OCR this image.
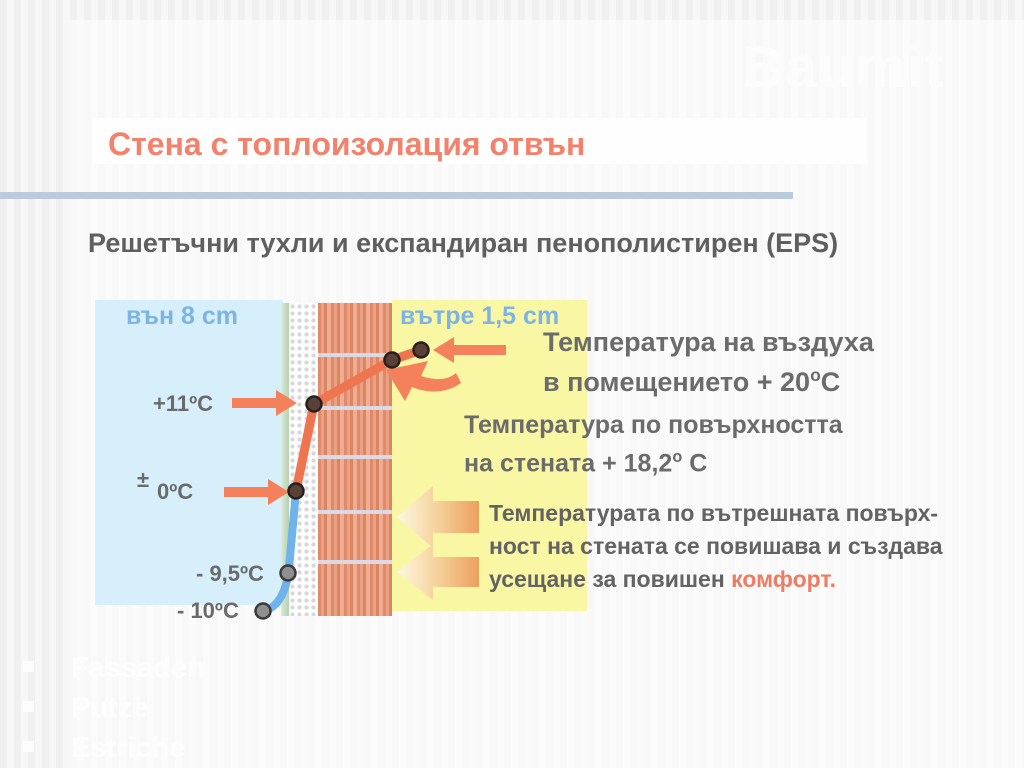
Baumit
Стена с топлоизолация отвън
Решетъчни тухли и експандиран пенополистирен (EPS)
вън 8 cm	вътре 1,5 cm
+11ºC
± 0ºC
- 9,5ºC
- 10ºC
Температура на въздуха
в помещението + $20^оС$
Температура по повърхността
на стената + $18,2^о$ С
Температурата по вътрешната повърх-
ност на стената се повишава и създава
усещане за повишен комфорт.
Fassaden
Putze
Estriche
